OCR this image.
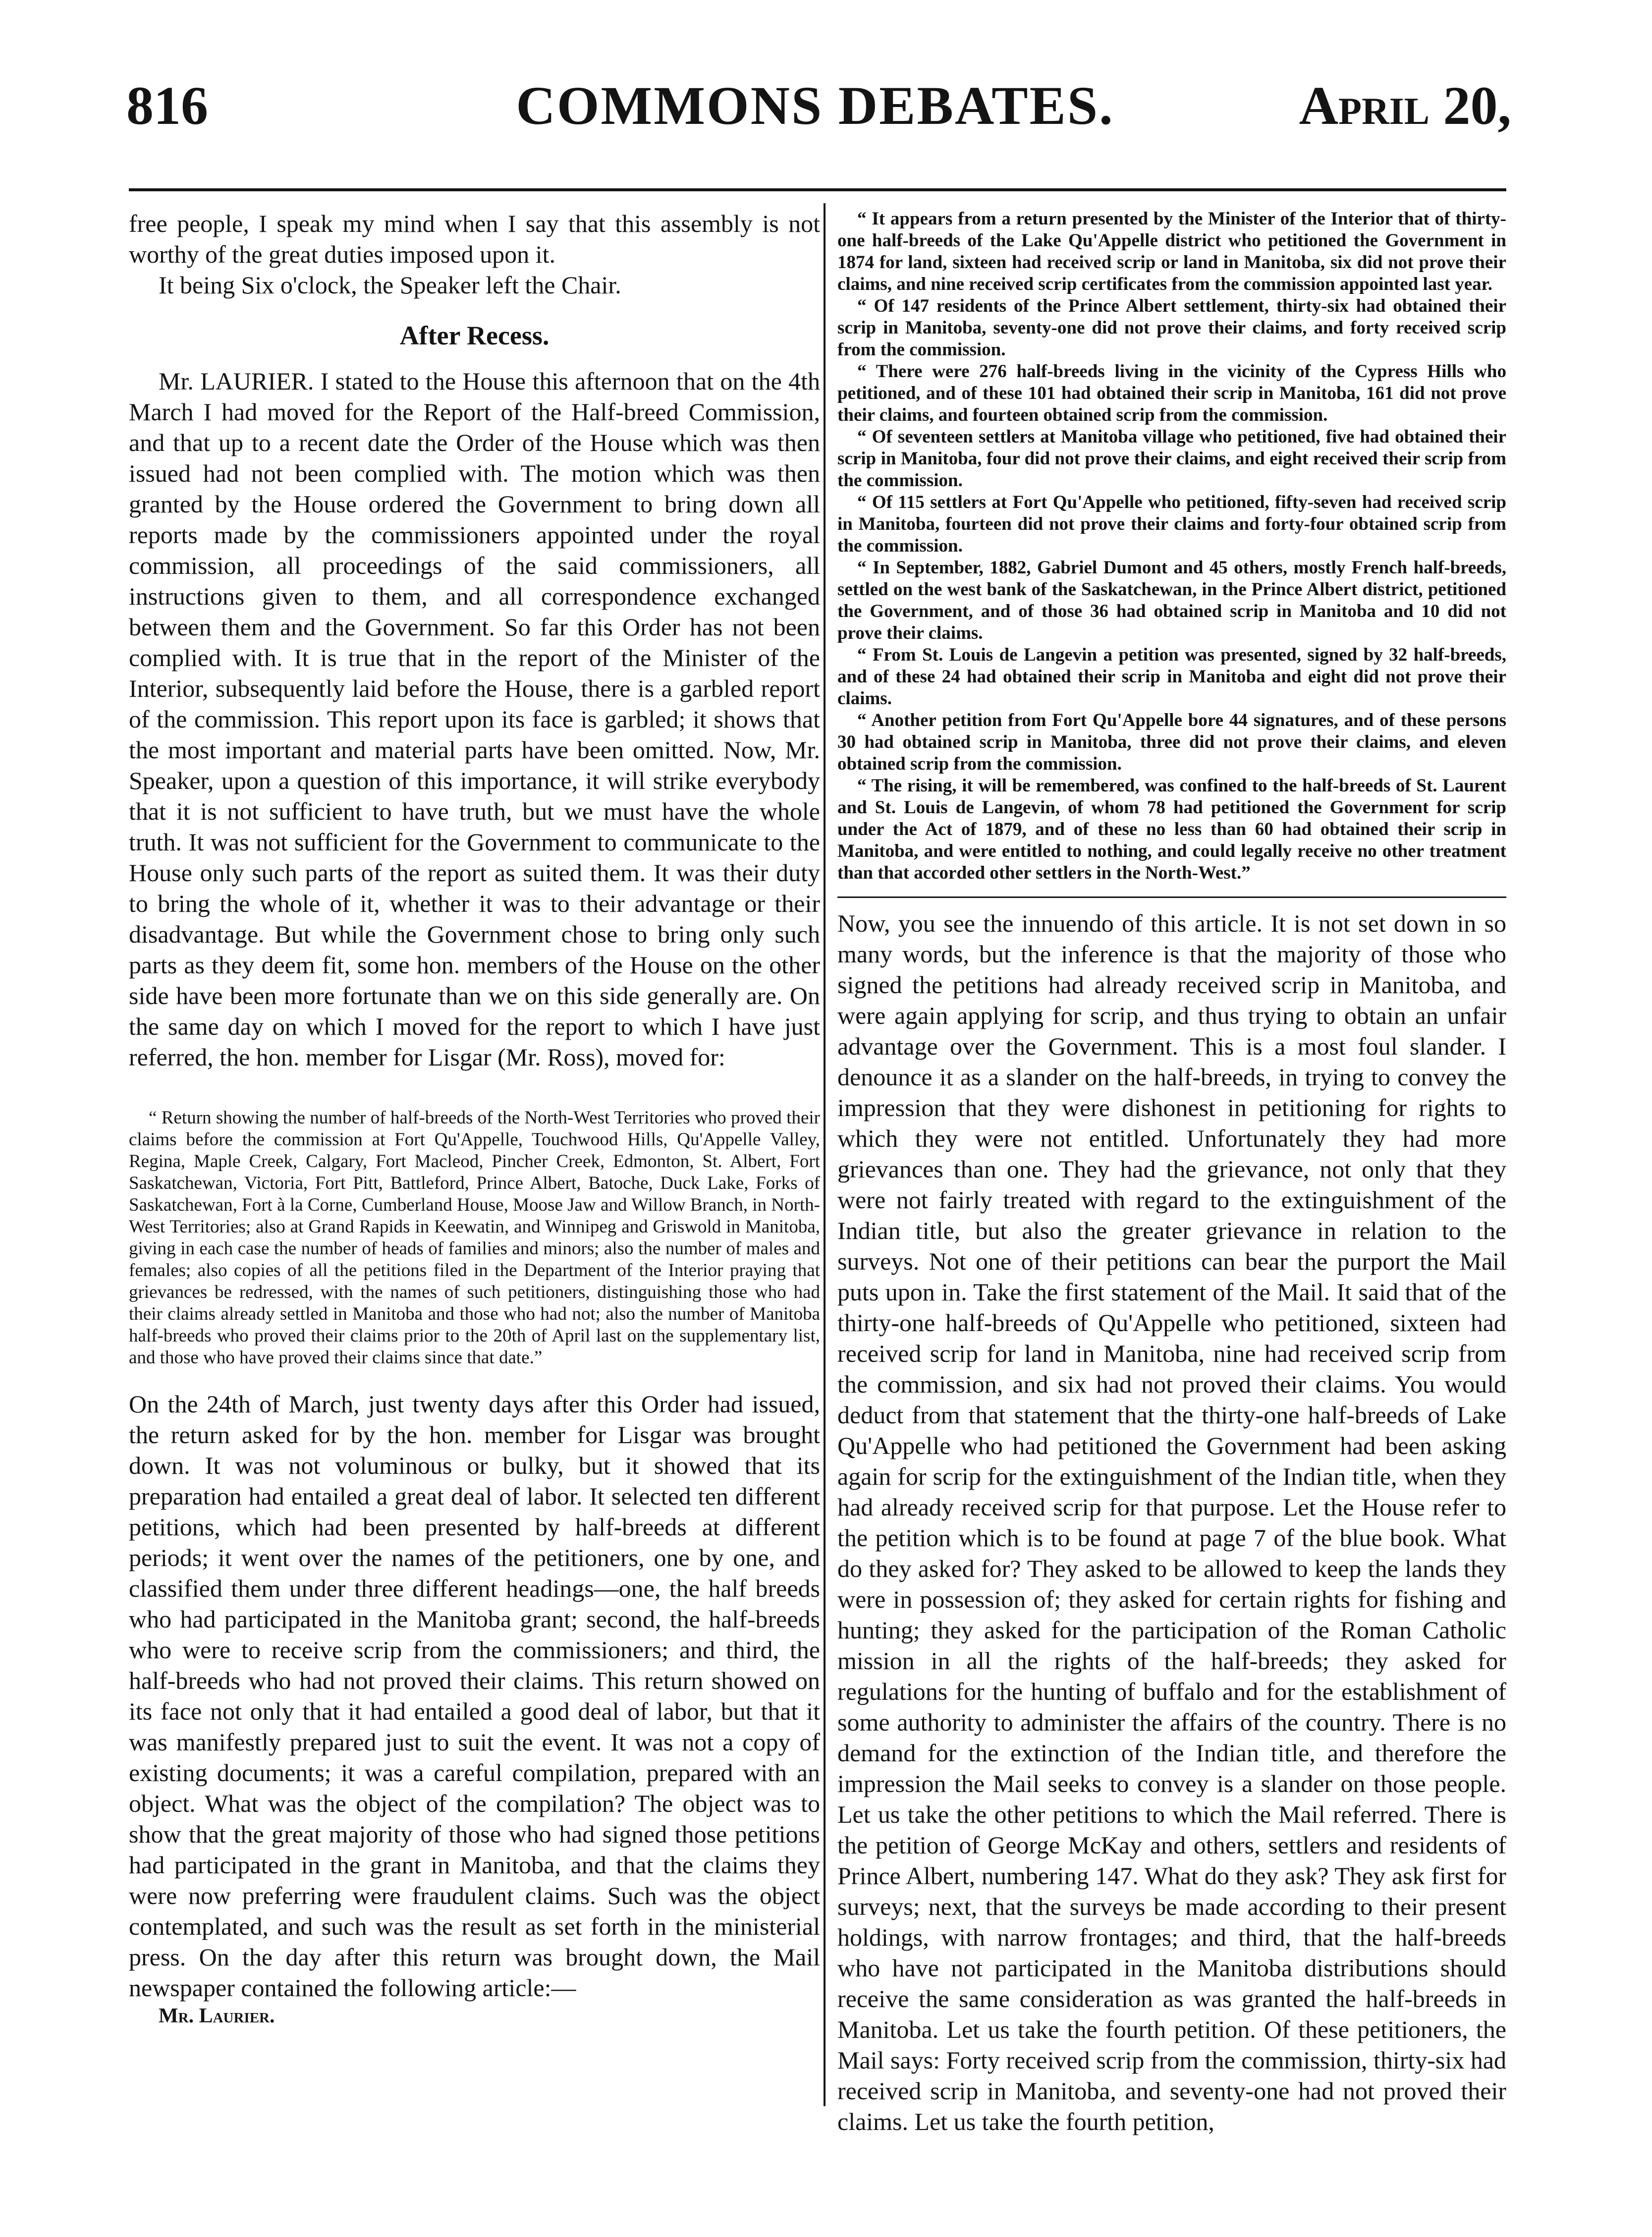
816	COMMONS DEBATES.	April 20,

free people, I speak my mind when I say that this assembly is not worthy of the great duties imposed upon it.

It being Six o'clock, the Speaker left the Chair.

After Recess.

Mr. LAURIER. I stated to the House this afternoon that on the 4th March I had moved for the Report of the Half-breed Commission, and that up to a recent date the Order of the House which was then issued had not been complied with. The motion which was then granted by the House ordered the Government to bring down all reports made by the commissioners appointed under the royal commission, all proceedings of the said commissioners, all instructions given to them, and all correspondence exchanged between them and the Government. So far this Order has not been complied with. It is true that in the report of the Minister of the Interior, subsequently laid before the House, there is a garbled report of the commission. This report upon its face is garbled; it shows that the most important and material parts have been omitted. Now, Mr. Speaker, upon a question of this importance, it will strike everybody that it is not sufficient to have truth, but we must have the whole truth. It was not sufficient for the Government to communicate to the House only such parts of the report as suited them. It was their duty to bring the whole of it, whether it was to their advantage or their disadvantage. But while the Government chose to bring only such parts as they deem fit, some hon. members of the House on the other side have been more fortunate than we on this side generally are. On the same day on which I moved for the report to which I have just referred, the hon. member for Lisgar (Mr. Ross), moved for:

“ Return showing the number of half-breeds of the North-West Territories who proved their claims before the commission at Fort Qu'Appelle, Touchwood Hills, Qu'Appelle Valley, Regina, Maple Creek, Calgary, Fort Macleod, Pincher Creek, Edmonton, St. Albert, Fort Saskatchewan, Victoria, Fort Pitt, Battleford, Prince Albert, Batoche, Duck Lake, Forks of Saskatchewan, Fort à la Corne, Cumberland House, Moose Jaw and Willow Branch, in North-West Territories; also at Grand Rapids in Keewatin, and Winnipeg and Griswold in Manitoba, giving in each case the number of heads of families and minors; also the number of males and females; also copies of all the petitions filed in the Department of the Interior praying that grievances be redressed, with the names of such petitioners, distinguishing those who had their claims already settled in Manitoba and those who had not; also the number of Manitoba half-breeds who proved their claims prior to the 20th of April last on the supplementary list, and those who have proved their claims since that date.”

On the 24th of March, just twenty days after this Order had issued, the return asked for by the hon. member for Lisgar was brought down. It was not voluminous or bulky, but it showed that its preparation had entailed a great deal of labor. It selected ten different petitions, which had been presented by half-breeds at different periods; it went over the names of the petitioners, one by one, and classified them under three different headings—one, the half breeds who had participated in the Manitoba grant; second, the half-breeds who were to receive scrip from the commissioners; and third, the half-breeds who had not proved their claims. This return showed on its face not only that it had entailed a good deal of labor, but that it was manifestly prepared just to suit the event. It was not a copy of existing documents; it was a careful compilation, prepared with an object. What was the object of the compilation? The object was to show that the great majority of those who had signed those petitions had participated in the grant in Manitoba, and that the claims they were now preferring were fraudulent claims. Such was the object contemplated, and such was the result as set forth in the ministerial press. On the day after this return was brought down, the Mail newspaper contained the following article:—

Mr. Laurier.

“ It appears from a return presented by the Minister of the Interior that of thirty-one half-breeds of the Lake Qu'Appelle district who petitioned the Government in 1874 for land, sixteen had received scrip or land in Manitoba, six did not prove their claims, and nine received scrip certificates from the commission appointed last year.

“ Of 147 residents of the Prince Albert settlement, thirty-six had obtained their scrip in Manitoba, seventy-one did not prove their claims, and forty received scrip from the commission.

“ There were 276 half-breeds living in the vicinity of the Cypress Hills who petitioned, and of these 101 had obtained their scrip in Manitoba, 161 did not prove their claims, and fourteen obtained scrip from the commission.

“ Of seventeen settlers at Manitoba village who petitioned, five had obtained their scrip in Manitoba, four did not prove their claims, and eight received their scrip from the commission.

“ Of 115 settlers at Fort Qu'Appelle who petitioned, fifty-seven had received scrip in Manitoba, fourteen did not prove their claims and forty-four obtained scrip from the commission.

“ In September, 1882, Gabriel Dumont and 45 others, mostly French half-breeds, settled on the west bank of the Saskatchewan, in the Prince Albert district, petitioned the Government, and of those 36 had obtained scrip in Manitoba and 10 did not prove their claims.

“ From St. Louis de Langevin a petition was presented, signed by 32 half-breeds, and of these 24 had obtained their scrip in Manitoba and eight did not prove their claims.

“ Another petition from Fort Qu'Appelle bore 44 signatures, and of these persons 30 had obtained scrip in Manitoba, three did not prove their claims, and eleven obtained scrip from the commission.

“ The rising, it will be remembered, was confined to the half-breeds of St. Laurent and St. Louis de Langevin, of whom 78 had petitioned the Government for scrip under the Act of 1879, and of these no less than 60 had obtained their scrip in Manitoba, and were entitled to nothing, and could legally receive no other treatment than that accorded other settlers in the North-West.”

Now, you see the innuendo of this article. It is not set down in so many words, but the inference is that the majority of those who signed the petitions had already received scrip in Manitoba, and were again applying for scrip, and thus trying to obtain an unfair advantage over the Government. This is a most foul slander. I denounce it as a slander on the half-breeds, in trying to convey the impression that they were dishonest in petitioning for rights to which they were not entitled. Unfortunately they had more grievances than one. They had the grievance, not only that they were not fairly treated with regard to the extinguishment of the Indian title, but also the greater grievance in relation to the surveys. Not one of their petitions can bear the purport the Mail puts upon in. Take the first statement of the Mail. It said that of the thirty-one half-breeds of Qu'Appelle who petitioned, sixteen had received scrip for land in Manitoba, nine had received scrip from the commission, and six had not proved their claims. You would deduct from that statement that the thirty-one half-breeds of Lake Qu'Appelle who had petitioned the Government had been asking again for scrip for the extinguishment of the Indian title, when they had already received scrip for that purpose. Let the House refer to the petition which is to be found at page 7 of the blue book. What do they asked for? They asked to be allowed to keep the lands they were in possession of; they asked for certain rights for fishing and hunting; they asked for the participation of the Roman Catholic mission in all the rights of the half-breeds; they asked for regulations for the hunting of buffalo and for the establishment of some authority to administer the affairs of the country. There is no demand for the extinction of the Indian title, and therefore the impression the Mail seeks to convey is a slander on those people. Let us take the other petitions to which the Mail referred. There is the petition of George McKay and others, settlers and residents of Prince Albert, numbering 147. What do they ask? They ask first for surveys; next, that the surveys be made according to their present holdings, with narrow frontages; and third, that the half-breeds who have not participated in the Manitoba distributions should receive the same consideration as was granted the half-breeds in Manitoba. Let us take the fourth petition. Of these petitioners, the Mail says: Forty received scrip from the commission, thirty-six had received scrip in Manitoba, and seventy-one had not proved their claims. Let us take the fourth petition,
